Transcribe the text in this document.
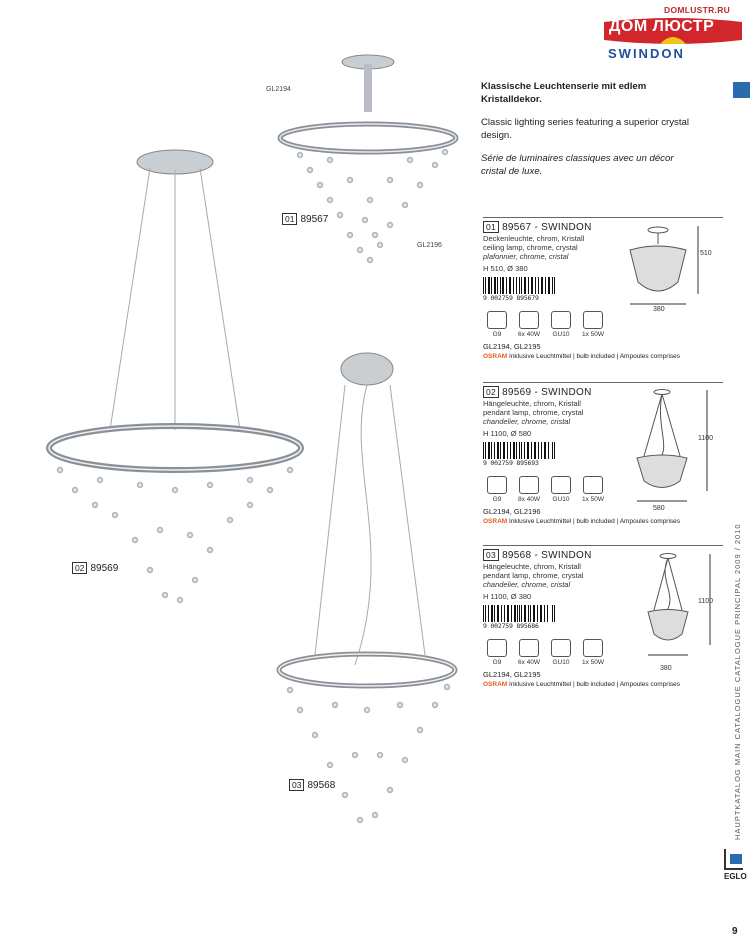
DOMLUSTR.RU
ДОМ ЛЮСТР
SWINDON
Klassische Leuchtenserie mit edlem Kristalldekor.
Classic lighting series featuring a superior crystal design.
Série de luminaires classiques avec un décor cristal de luxe.
GL2194
GL2196
01 89567
02 89569
03 89568
01 89567 - SWINDON
Deckenleuchte, chrom, Kristall
ceiling lamp, chrome, crystal
plafonnier, chrome, cristal
H 510, Ø 380
9 002759 895679
G9	6x 40W	GU10	1x 50W
GL2194, GL2195
OSRAM Inklusive Leuchtmittel | bulb included | Ampoules comprises
510
380
02 89569 - SWINDON
Hängeleuchte, chrom, Kristall
pendant lamp, chrome, crystal
chandelier, chrome, cristal
H 1100, Ø 580
9 002759 895693
G9	8x 40W	GU10	1x 50W
GL2194, GL2196
OSRAM Inklusive Leuchtmittel | bulb included | Ampoules comprises
1100
580
03 89568 - SWINDON
Hängeleuchte, chrom, Kristall
pendant lamp, chrome, crystal
chandelier, chrome, cristal
H 1100, Ø 380
9 002759 895686
G9	6x 40W	GU10	1x 50W
GL2194, GL2195
OSRAM Inklusive Leuchtmittel | bulb included | Ampoules comprises
1100
380	HAUPTKATALOG MAIN CATALOGUE CATALOGUE PRINCIPAL 2009 / 2010
EGLO
9
